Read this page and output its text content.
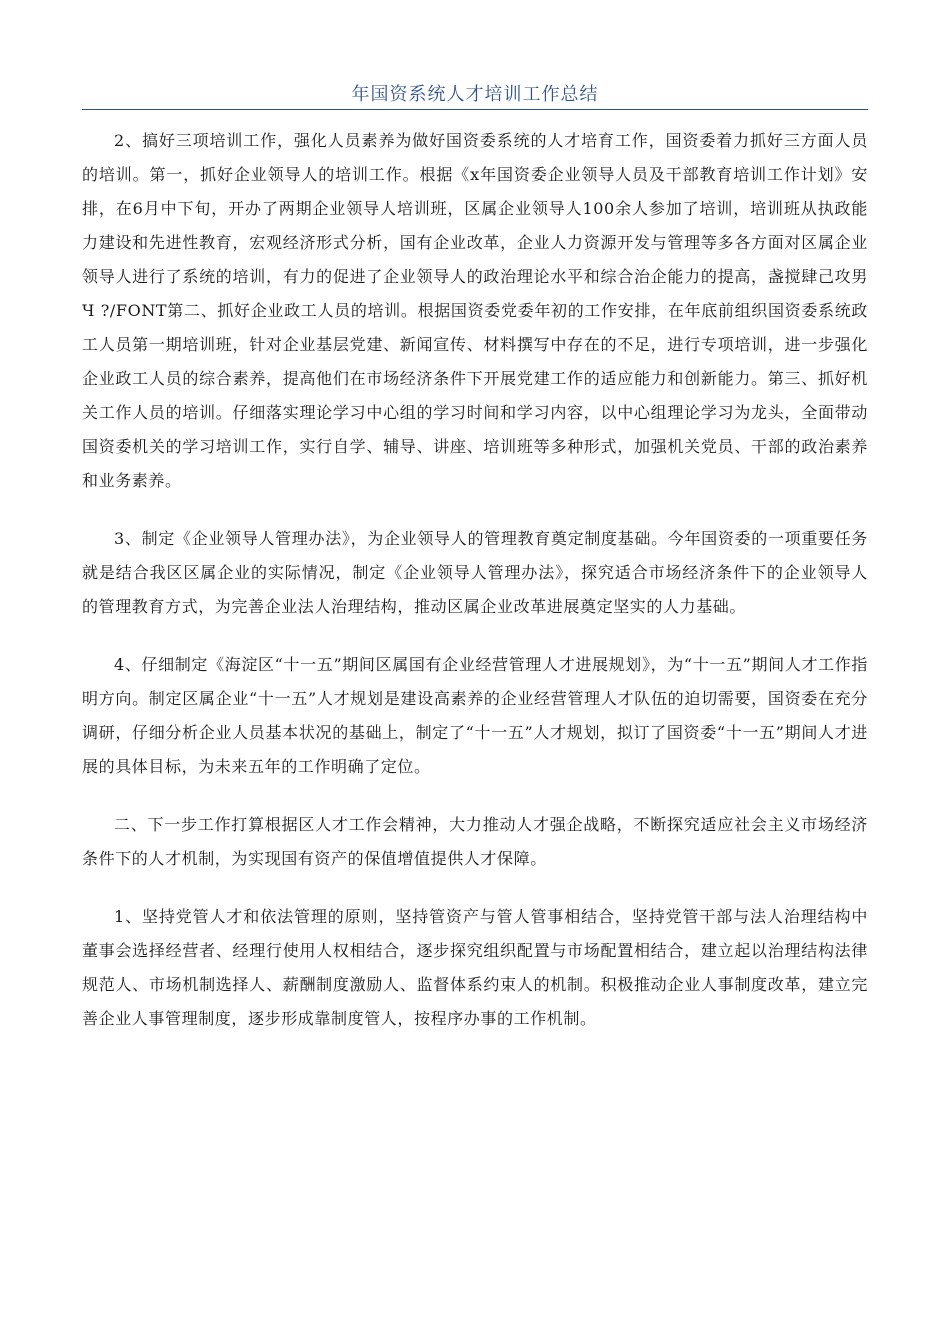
年国资系统人才培训工作总结

2、搞好三项培训工作，强化人员素养为做好国资委系统的人才培育工作，国资委着力抓好三方面人员的培训。第一，抓好企业领导人的培训工作。根据《x年国资委企业领导人员及干部教育培训工作计划》安排，在6月中下旬，开办了两期企业领导人培训班，区属企业领导人100余人参加了培训，培训班从执政能力建设和先进性教育，宏观经济形式分析，国有企业改革，企业人力资源开发与管理等多各方面对区属企业领导人进行了系统的培训，有力的促进了企业领导人的政治理论水平和综合治企能力的提高，盏搅肆己攻男Ч ?/FONT第二、抓好企业政工人员的培训。根据国资委党委年初的工作安排，在年底前组织国资委系统政工人员第一期培训班，针对企业基层党建、新闻宣传、材料撰写中存在的不足，进行专项培训，进一步强化企业政工人员的综合素养，提高他们在市场经济条件下开展党建工作的适应能力和创新能力。第三、抓好机关工作人员的培训。仔细落实理论学习中心组的学习时间和学习内容，以中心组理论学习为龙头，全面带动国资委机关的学习培训工作，实行自学、辅导、讲座、培训班等多种形式，加强机关党员、干部的政治素养和业务素养。

3、制定《企业领导人管理办法》，为企业领导人的管理教育奠定制度基础。今年国资委的一项重要任务就是结合我区区属企业的实际情况，制定《企业领导人管理办法》，探究适合市场经济条件下的企业领导人的管理教育方式，为完善企业法人治理结构，推动区属企业改革进展奠定坚实的人力基础。

4、仔细制定《海淀区“十一五”期间区属国有企业经营管理人才进展规划》，为“十一五”期间人才工作指明方向。制定区属企业“十一五”人才规划是建设高素养的企业经营管理人才队伍的迫切需要，国资委在充分调研，仔细分析企业人员基本状况的基础上，制定了“十一五”人才规划，拟订了国资委“十一五”期间人才进展的具体目标，为未来五年的工作明确了定位。

二、下一步工作打算根据区人才工作会精神，大力推动人才强企战略，不断探究适应社会主义市场经济条件下的人才机制，为实现国有资产的保值增值提供人才保障。

1、坚持党管人才和依法管理的原则，坚持管资产与管人管事相结合，坚持党管干部与法人治理结构中董事会选择经营者、经理行使用人权相结合，逐步探究组织配置与市场配置相结合，建立起以治理结构法律规范人、市场机制选择人、薪酬制度激励人、监督体系约束人的机制。积极推动企业人事制度改革，建立完善企业人事管理制度，逐步形成靠制度管人，按程序办事的工作机制。
